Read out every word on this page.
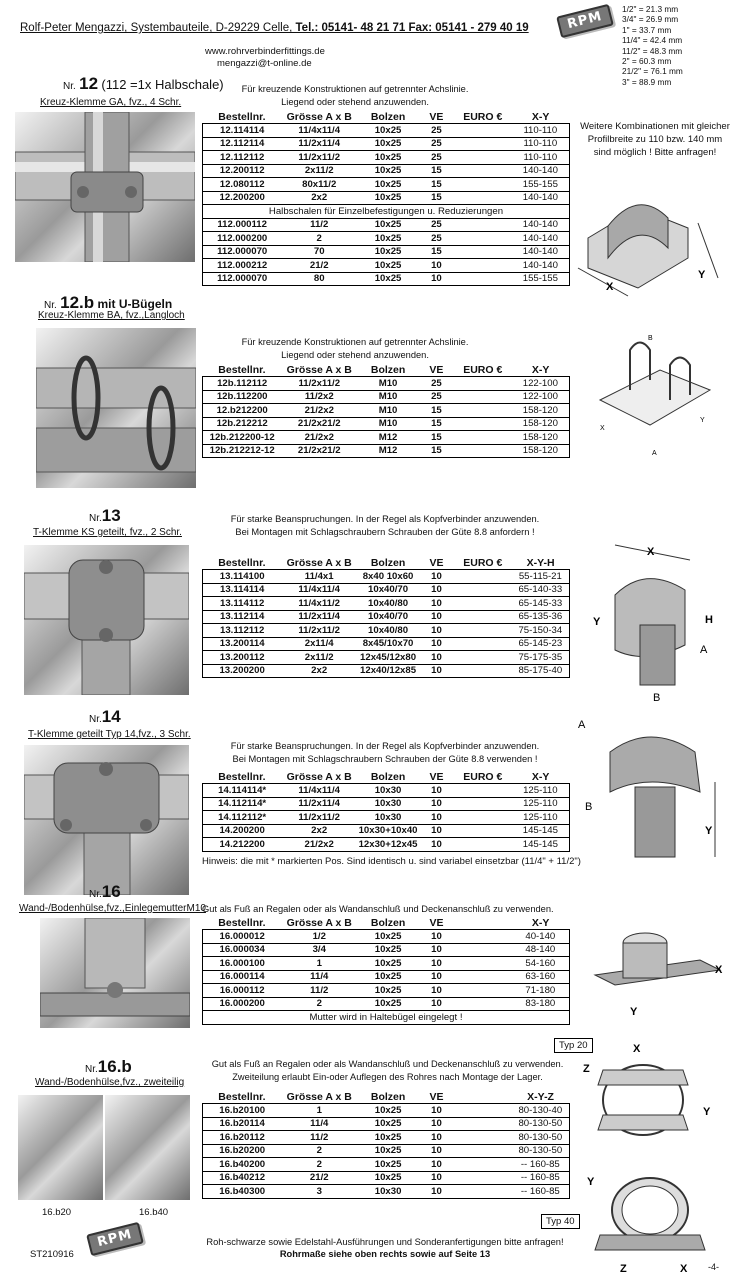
Rolf-Peter Mengazzi, Systembauteile, D-29229 Celle, Tel.: 05141- 48 21 71 Fax: 05141 - 279 40 19	RPM
www.rohrverbinderfittings.de
mengazzi@t-online.de
1/2" = 21.3 mm
3/4" = 26.9 mm
1" = 33.7 mm
11/4" = 42.4 mm
11/2" = 48.3 mm
2" = 60.3 mm
21/2" = 76.1 mm
3" = 88.9 mm
Nr. 12 (112 =1x Halbschale)
Kreuz-Klemme GA, fvz., 4 Schr.
Für kreuzende Konstruktionen auf getrennter Achslinie.
Liegend oder stehend anzuwenden.
Bestellnr.	Grösse A x B	Bolzen	VE	EURO €	X-Y
12.114114	11/4x11/4	10x25	25		110-110
12.112114	11/2x11/4	10x25	25		110-110
12.112112	11/2x11/2	10x25	25		110-110
12.200112	2x11/2	10x25	15		140-140
12.080112	80x11/2	10x25	15		155-155
12.200200	2x2	10x25	15		140-140
Halbschalen für Einzelbefestigungen u. Reduzierungen					
112.000112	11/2	10x25	25		140-140
112.000200	2	10x25	25		140-140
112.000070	70	10x25	15		140-140
112.000212	21/2	10x25	10		140-140
112.000070	80	10x25	10		155-155
Weitere Kombinationen mit gleicher Profilbreite zu 110 bzw. 140 mm sind möglich ! Bitte anfragen!
X
Y
Nr. 12.b mit U-Bügeln
Kreuz-Klemme BA, fvz.,Langloch
Für kreuzende Konstruktionen auf getrennter Achslinie.
Liegend oder stehend anzuwenden.
Bestellnr.	Grösse A x B	Bolzen	VE	EURO €	X-Y
12b.112112	11/2x11/2	M10	25		122-100
12b.112200	11/2x2	M10	25		122-100
12.b212200	21/2x2	M10	15		158-120
12b.212212	21/2x21/2	M10	15		158-120
12b.212200-12	21/2x2	M12	15		158-120
12b.212212-12	21/2x21/2	M12	15		158-120
X
Y
A
B
Nr.13
T-Klemme KS geteilt, fvz., 2 Schr.
Für starke Beanspruchungen. In der Regel als Kopfverbinder anzuwenden.
Bei Montagen mit Schlagschraubern Schrauben der Güte 8.8 anfordern !
Bestellnr.	Grösse A x B	Bolzen	VE	EURO €	X-Y-H
13.114100	11/4x1	8x40 10x60	10		55-115-21
13.114114	11/4x11/4	10x40/70	10		65-140-33
13.114112	11/4x11/2	10x40/80	10		65-145-33
13.112114	11/2x11/4	10x40/70	10		65-135-36
13.112112	11/2x11/2	10x40/80	10		75-150-34
13.200114	2x11/4	8x45/10x70	10		65-145-23
13.200112	2x11/2	12x45/12x80	10		75-175-35
13.200200	2x2	12x40/12x85	10		85-175-40
X
Y	H
A
B
Nr.14
T-Klemme geteilt Typ 14,fvz., 3 Schr.
Für starke Beanspruchungen. In der Regel als Kopfverbinder anzuwenden.
Bei Montagen mit Schlagschraubern Schrauben der Güte 8.8 verwenden !
Bestellnr.	Grösse A x B	Bolzen	VE	EURO €	X-Y
14.114114*	11/4x11/4	10x30	10		125-110
14.112114*	11/2x11/4	10x30	10		125-110
14.112112*	11/2x11/2	10x30	10		125-110
14.200200	2x2	10x30+10x40	10		145-145
14.212200	21/2x2	12x30+12x45	10		145-145
Hinweis: die mit * markierten Pos. Sind identisch u. sind variabel einsetzbar (11/4" + 11/2")
A
B
Y
Nr.16
Wand-/Bodenhülse,fvz.,EinlegemutterM10
Gut als Fuß an Regalen oder als Wandanschluß und Deckenanschluß zu verwenden.
Bestellnr.	Grösse A x B	Bolzen	VE		X-Y
16.000012	1/2	10x25	10		40-140
16.000034	3/4	10x25	10		48-140
16.000100	1	10x25	10		54-160
16.000114	11/4	10x25	10		63-160
16.000112	11/2	10x25	10		71-180
16.000200	2	10x25	10		83-180
Mutter wird in Haltebügel eingelegt !					
X
Y
Nr.16.b
Wand-/Bodenhülse,fvz., zweiteilig
16.b20	16.b40
Gut als Fuß an Regalen oder als Wandanschluß und Deckenanschluß zu verwenden.
Zweiteilung erlaubt Ein-oder Auflegen des Rohres nach Montage der Lager.
Bestellnr.	Grösse A x B	Bolzen	VE		X-Y-Z
16.b20100	1	10x25	10		80-130-40
16.b20114	11/4	10x25	10		80-130-50
16.b20112	11/2	10x25	10		80-130-50
16.b20200	2	10x25	10		80-130-50
16.b40200	2	10x25	10		-- 160-85
16.b40212	21/2	10x25	10		-- 160-85
16.b40300	3	10x30	10		-- 160-85
Typ 20
Typ 40
X
Z
Y
Y
Z	X
RPM	Roh-schwarze sowie Edelstahl-Ausführungen und Sonderanfertigungen bitte anfragen!
Rohrmaße siehe oben rechts sowie auf Seite 13
ST210916
-4-
